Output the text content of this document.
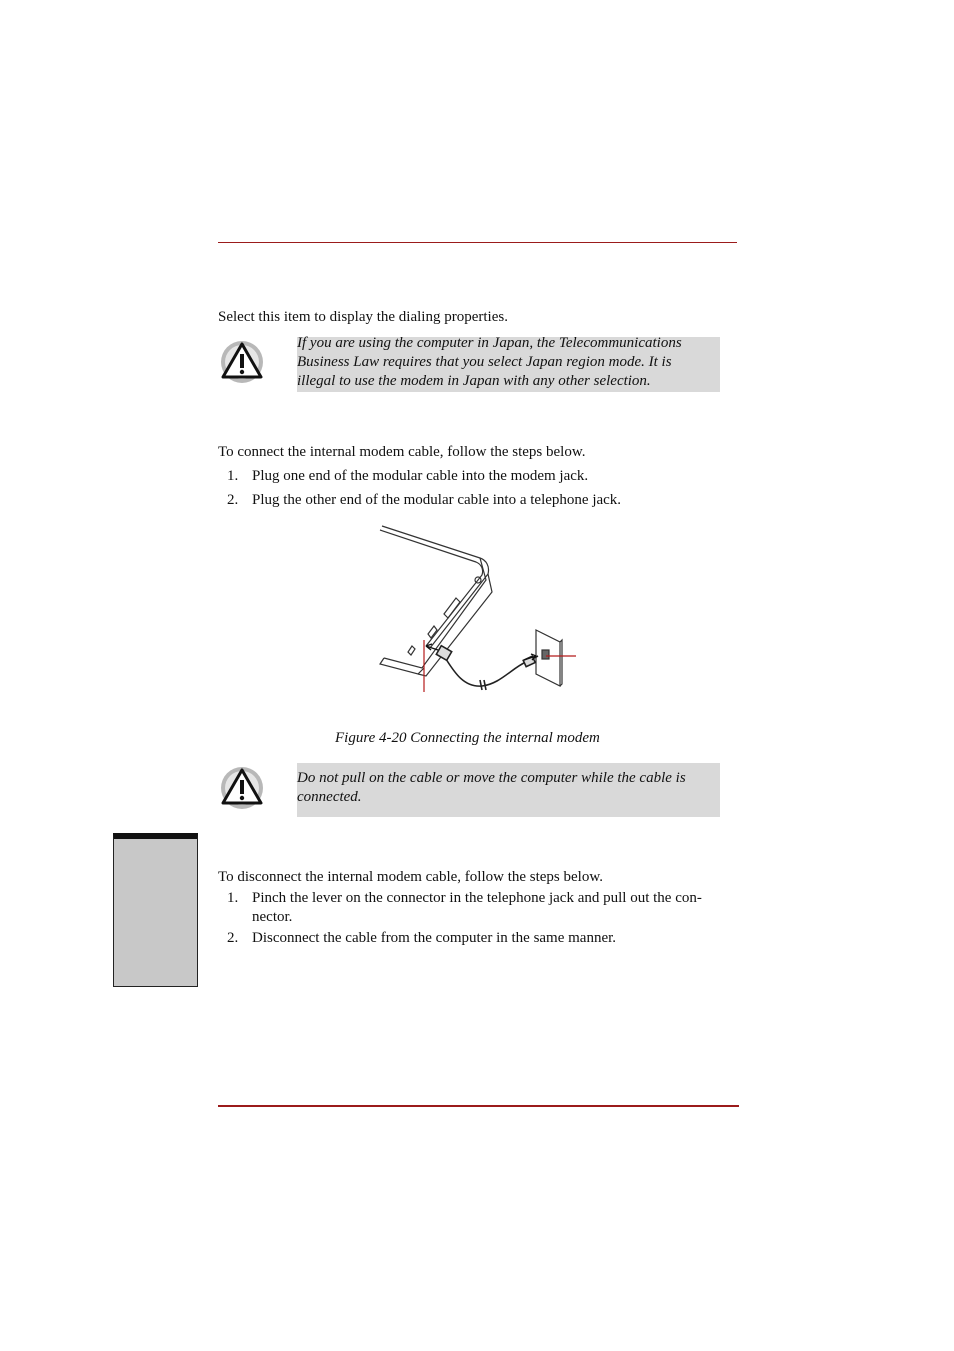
Select this item to display the dialing properties.
If you are using the computer in Japan, the Telecommunications
Business Law requires that you select Japan region mode. It is
illegal to use the modem in Japan with any other selection.
To connect the internal modem cable, follow the steps below.
1. Plug one end of the modular cable into the modem jack.
2. Plug the other end of the modular cable into a telephone jack.
Figure 4-20 Connecting the internal modem
Do not pull on the cable or move the computer while the cable is
connected.
To disconnect the internal modem cable, follow the steps below.
1. Pinch the lever on the connector in the telephone jack and pull out the con-
nector.
2. Disconnect the cable from the computer in the same manner.
